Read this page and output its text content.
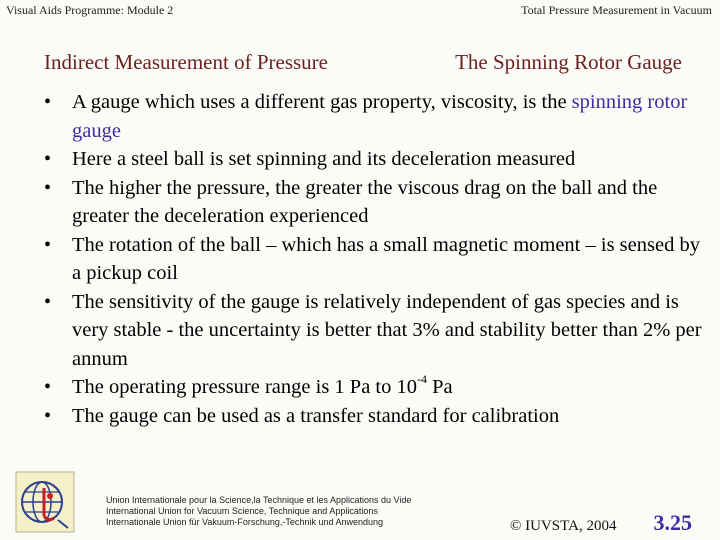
Visual Aids Programme: Module 2	Total Pressure Measurement in Vacuum
Indirect Measurement of Pressure	The Spinning Rotor Gauge
• A gauge which uses a different gas property, viscosity, is the spinning rotor gauge
• Here a steel ball is set spinning and its deceleration measured
• The higher the pressure, the greater the viscous drag on the ball and the greater the deceleration experienced
• The rotation of the ball – which has a small magnetic moment – is sensed by a pickup coil
• The sensitivity of the gauge is relatively independent of gas species and is very stable - the uncertainty is better that 3% and stability better than 2% per annum
• The operating pressure range is 1 Pa to $10^{-4}$ Pa
• The gauge can be used as a transfer standard for calibration
Union Internationale pour la Science,la Technique et les Applications du Vide
International Union for Vacuum Science, Technique and Applications
Internationale Union für Vakuum-Forschung,-Technik und Anwendung	© IUVSTA, 2004 3.25
